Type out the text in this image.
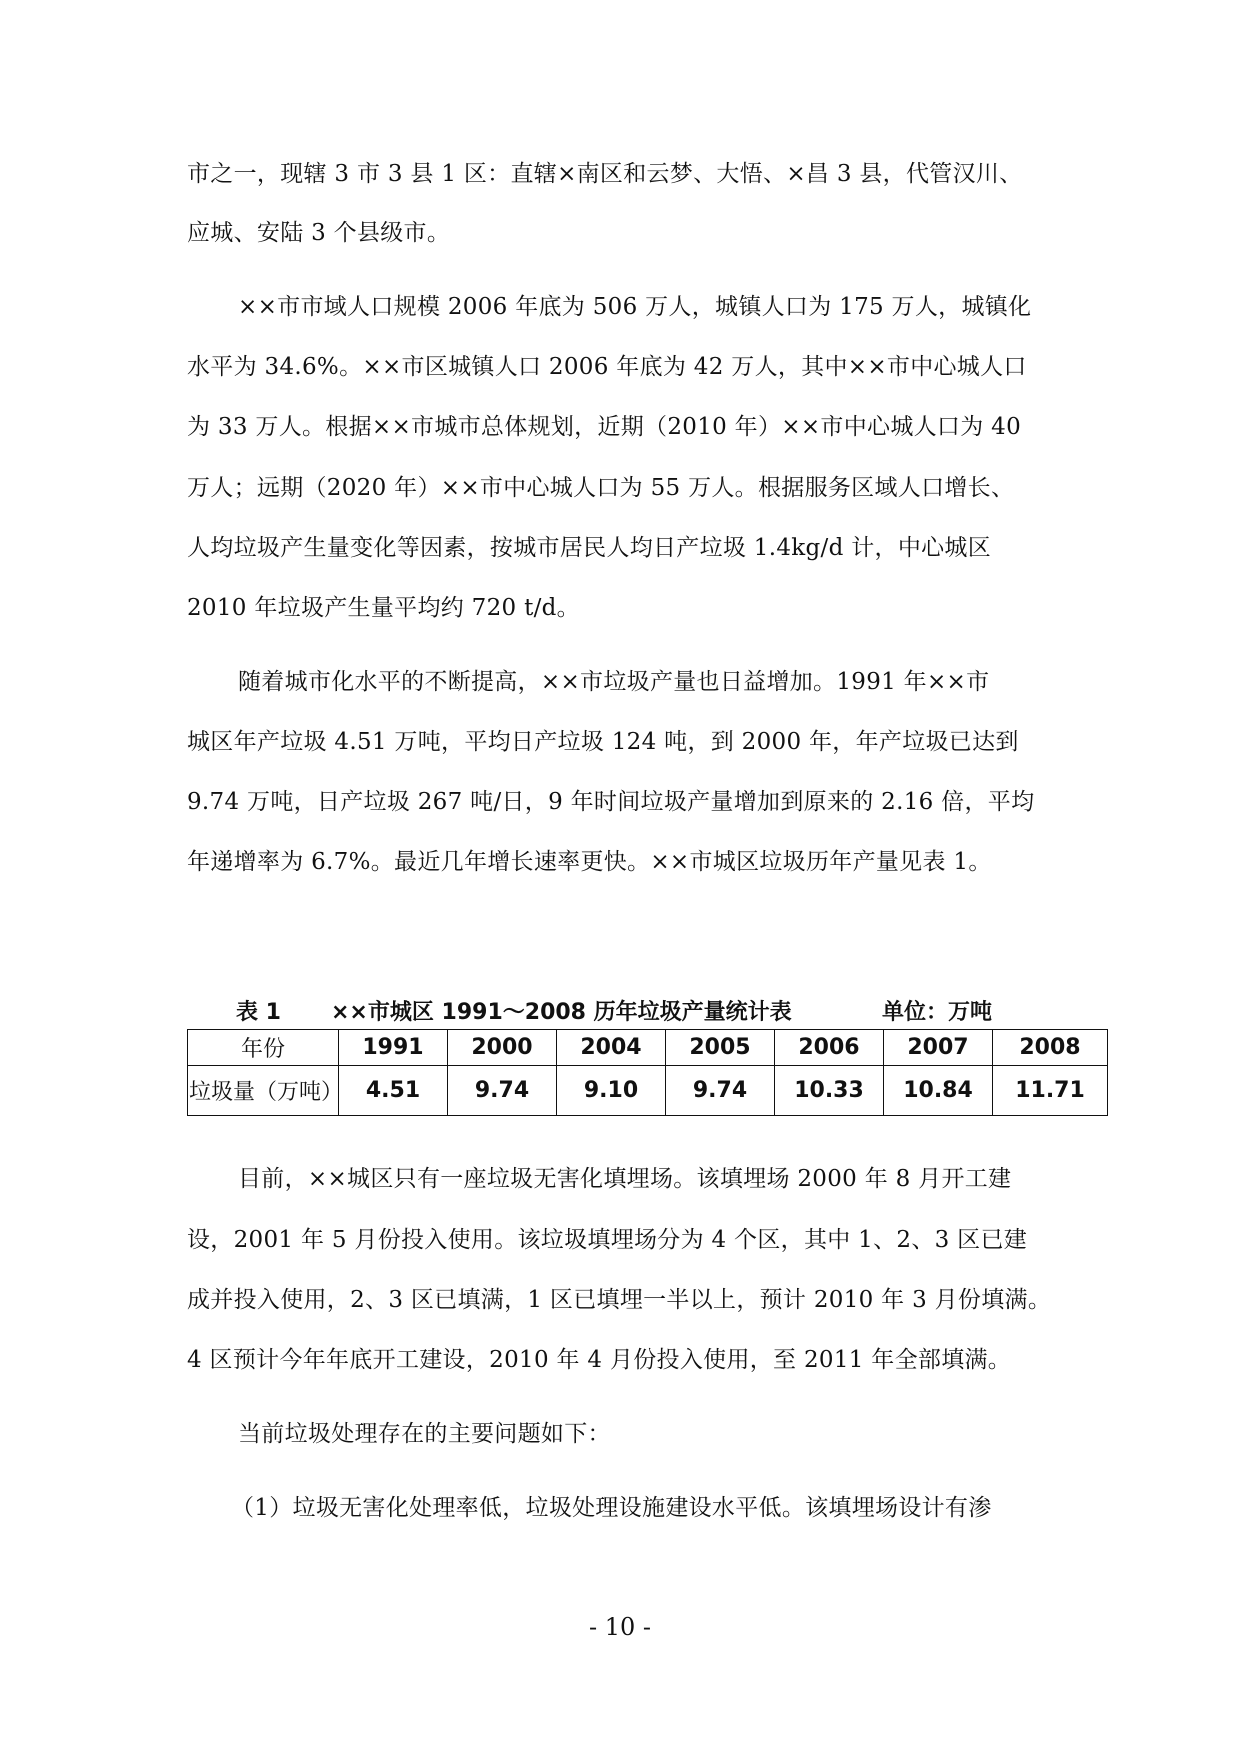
市之一，现辖 3 市 3 县 1 区：直辖×南区和云梦、大悟、×昌 3 县，代管汉川、
应城、安陆 3 个县级市。
××市市域人口规模 2006 年底为 506 万人，城镇人口为 175 万人，城镇化
水平为 34.6%。××市区城镇人口 2006 年底为 42 万人，其中××市中心城人口
为 33 万人。根据××市城市总体规划，近期（2010 年）××市中心城人口为 40
万人；远期（2020 年）××市中心城人口为 55 万人。根据服务区域人口增长、
人均垃圾产生量变化等因素，按城市居民人均日产垃圾 1.4kg/d 计，中心城区
2010 年垃圾产生量平均约 720 t/d。
随着城市化水平的不断提高，××市垃圾产量也日益增加。1991 年××市
城区年产垃圾 4.51 万吨，平均日产垃圾 124 吨，到 2000 年，年产垃圾已达到
9.74 万吨，日产垃圾 267 吨/日，9 年时间垃圾产量增加到原来的 2.16 倍，平均
年递增率为 6.7%。最近几年增长速率更快。××市城区垃圾历年产量见表 1。
表 1 ××市城区 1991～2008 历年垃圾产量统计表	单位：万吨
年份	1991	2000	2004	2005	2006	2007	2008
垃圾量（万吨）	4.51	9.74	9.10	9.74	10.33	10.84	11.71
目前，××城区只有一座垃圾无害化填埋场。该填埋场 2000 年 8 月开工建
设，2001 年 5 月份投入使用。该垃圾填埋场分为 4 个区，其中 1、2、3 区已建
成并投入使用，2、3 区已填满，1 区已填埋一半以上，预计 2010 年 3 月份填满。
4 区预计今年年底开工建设，2010 年 4 月份投入使用，至 2011 年全部填满。
当前垃圾处理存在的主要问题如下：
（1）垃圾无害化处理率低，垃圾处理设施建设水平低。该填埋场设计有渗
- 10 -
